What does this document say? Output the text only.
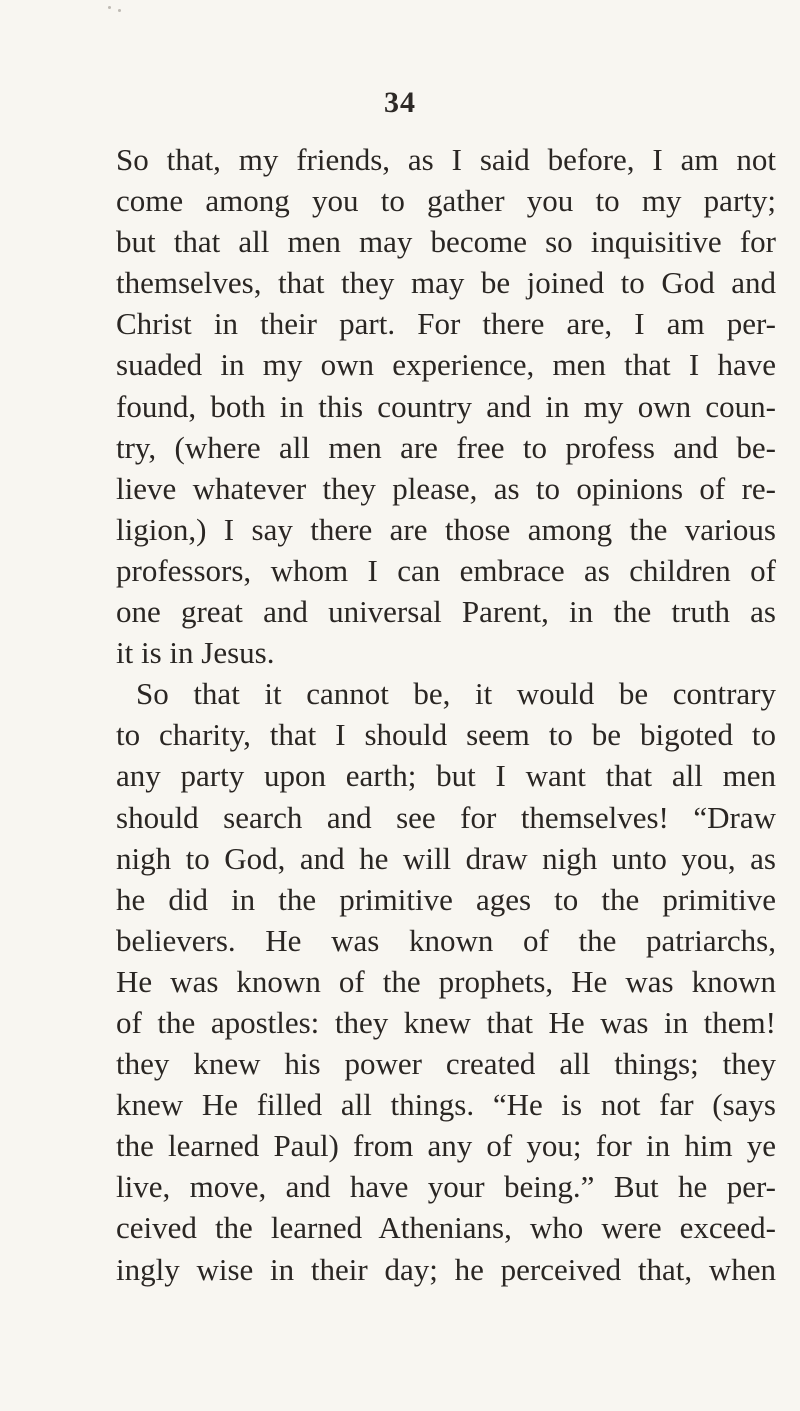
34
So that, my friends, as I said before, I am not
come among you to gather you to my party;
but that all men may become so inquisitive for
themselves, that they may be joined to God and
Christ in their part. For there are, I am per-
suaded in my own experience, men that I have
found, both in this country and in my own coun-
try, (where all men are free to profess and be-
lieve whatever they please, as to opinions of re-
ligion,) I say there are those among the various
professors, whom I can embrace as children of
one great and universal Parent, in the truth as
it is in Jesus.
So that it cannot be, it would be contrary
to charity, that I should seem to be bigoted to
any party upon earth; but I want that all men
should search and see for themselves! “Draw
nigh to God, and he will draw nigh unto you, as
he did in the primitive ages to the primitive
believers. He was known of the patriarchs,
He was known of the prophets, He was known
of the apostles: they knew that He was in them!
they knew his power created all things; they
knew He filled all things. “He is not far (says
the learned Paul) from any of you; for in him ye
live, move, and have your being.” But he per-
ceived the learned Athenians, who were exceed-
ingly wise in their day; he perceived that, when
